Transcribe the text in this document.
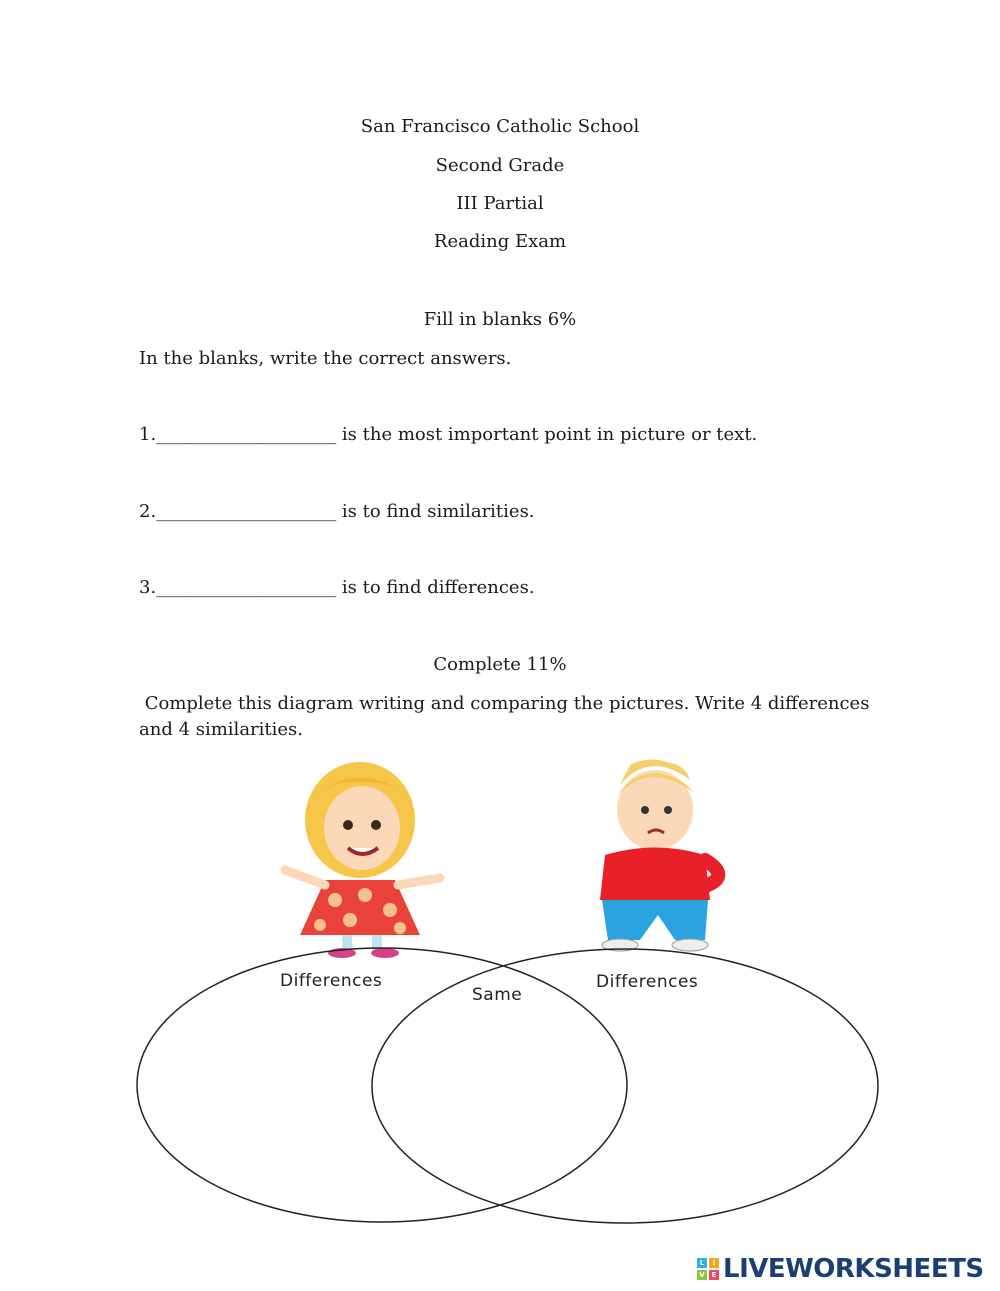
San Francisco Catholic School
Second Grade
III Partial
Reading Exam
Fill in blanks 6%
In the blanks, write the correct answers.
1.____________________ is the most important point in picture or text.
2.____________________ is to find similarities.
3.____________________ is to find differences.
Complete 11%
Complete this diagram writing and comparing the pictures. Write 4 differences
and 4 similarities.
Differences
Same
Differences
L	I
V E LIVEWORKSHEETS
